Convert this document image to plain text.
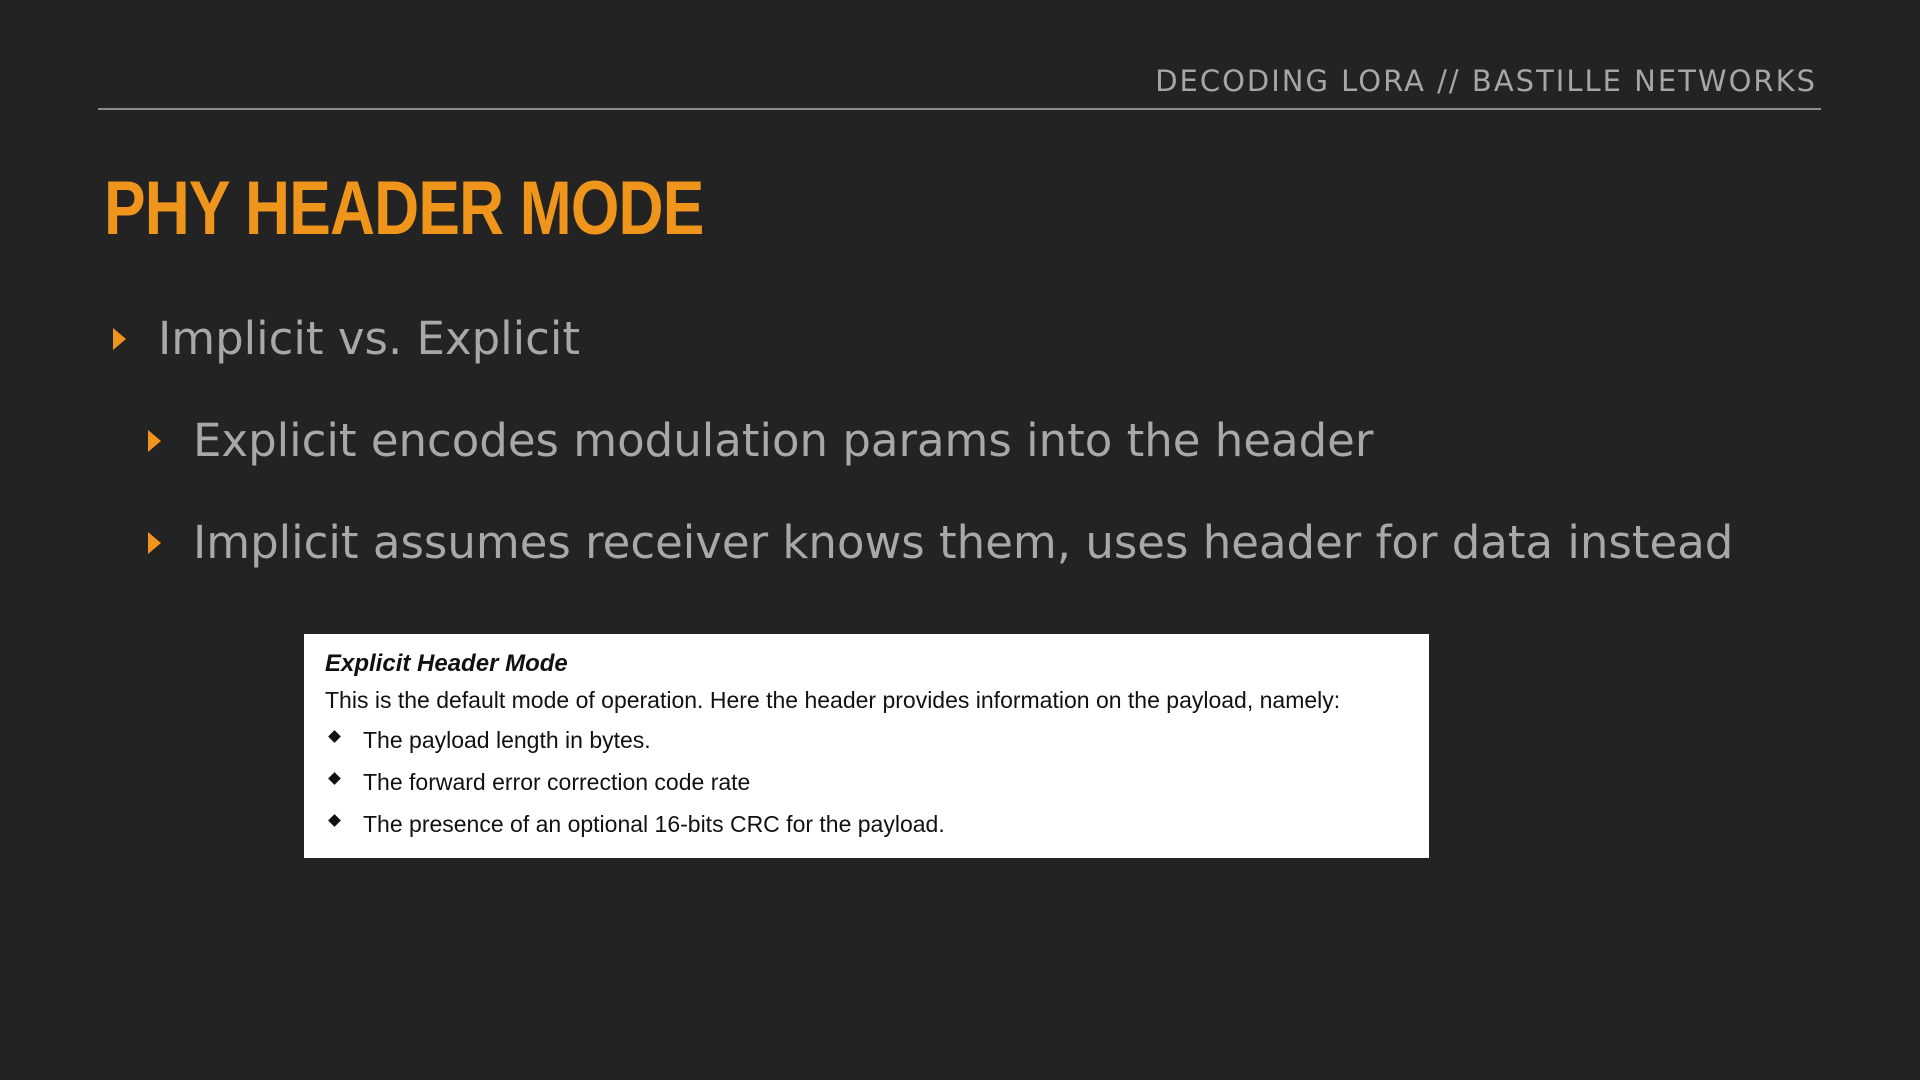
DECODING LORA // BASTILLE NETWORKS
PHY HEADER MODE
Implicit vs. Explicit
Explicit encodes modulation params into the header
Implicit assumes receiver knows them, uses header for data instead
Explicit Header Mode
This is the default mode of operation. Here the header provides information on the payload, namely:
The payload length in bytes.
The forward error correction code rate
The presence of an optional 16-bits CRC for the payload.
